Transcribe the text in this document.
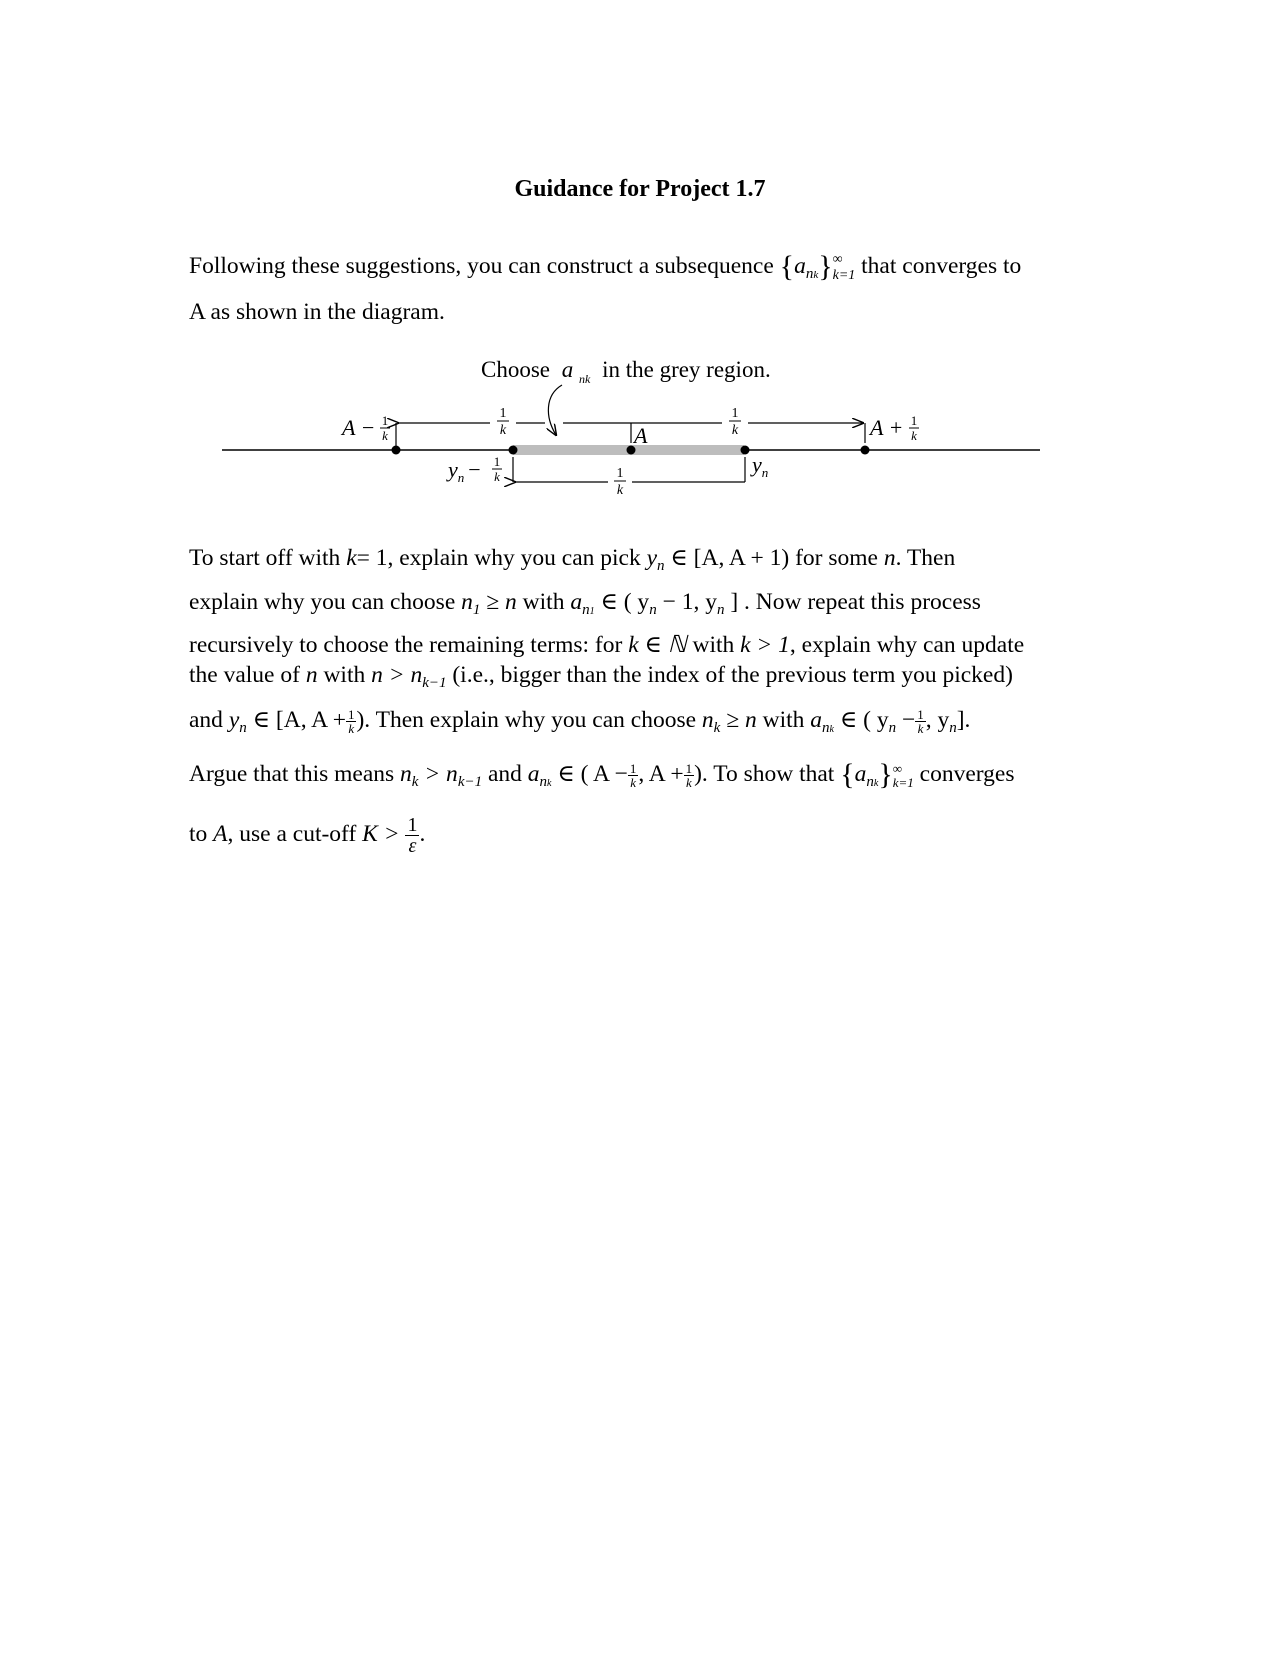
Guidance for Project 1.7
Following these suggestions, you can construct a subsequence $\{a_{nk}\}$ ∞
k=1 that converges to
A as shown in the diagram.
Choose a $_{nk}$ in the grey region.
1
k
1
k
1
k
A − 1
k	A + 1
k
A
$y_n$
$y_n - 1$
k
To start off with k= 1, explain why you can pick $y_n$ ∈ [A, A + 1) for some n. Then
explain why you can choose $n_1 \ge n$ with $a_{n1}$ ∈ ( $y_n - 1$, $y_n$ ] . Now repeat this process
recursively to choose the remaining terms: for k ∈ ℕ with k > 1, explain why can update
the value of n with $n > n_{k-1}$ (i.e., bigger than the index of the previous term you picked)
and $y_n$ ∈ [A, $A + \frac{1}{k}$ ). Then explain why you can choose $n_k \ge n$ with $a_{nk}$ ∈ ( $y_n - \frac{1}{k}$ , $y_n$].
Argue that this means $n_k > n_{k-1}$ and $a_{nk}$ ∈ ( $A - \frac{1}{k}$ , $A + \frac{1}{k}$ ). To show that $\{a_{nk}\}$ ∞
k=1 converges
to A, use a cut-off $K > \frac{1}{\varepsilon}$ .
